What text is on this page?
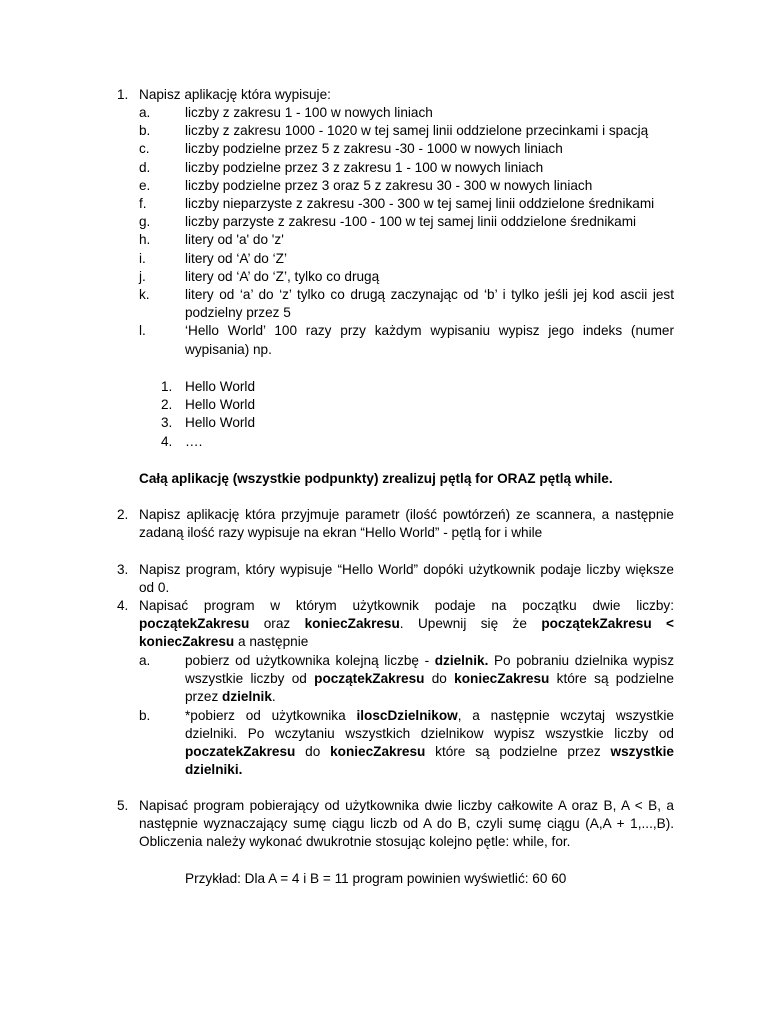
1. Napisz aplikację która wypisuje:
a.	liczby z zakresu 1 - 100 w nowych liniach
b.	liczby z zakresu 1000 - 1020 w tej samej linii oddzielone przecinkami i spacją
c.	liczby podzielne przez 5 z zakresu -30 - 1000 w nowych liniach
d.	liczby podzielne przez 3 z zakresu 1 - 100 w nowych liniach
e.	liczby podzielne przez 3 oraz 5 z zakresu 30 - 300 w nowych liniach
f.	liczby nieparzyste z zakresu -300 - 300 w tej samej linii oddzielone średnikami
g.	liczby parzyste z zakresu -100 - 100 w tej samej linii oddzielone średnikami
h.	litery od 'a' do 'z'
i.	litery od ‘A’ do ‘Z’
j.	litery od ‘A’ do ‘Z’, tylko co drugą
k.	litery od ‘a’ do ‘z’ tylko co drugą zaczynając od ‘b’ i tylko jeśli jej kod ascii jest podzielny przez 5
l.	‘Hello World’ 100 razy przy każdym wypisaniu wypisz jego indeks (numer wypisania) np.
1. Hello World
2. Hello World
3. Hello World
4. ….
Całą aplikację (wszystkie podpunkty) zrealizuj pętlą for ORAZ pętlą while.
2. Napisz aplikację która przyjmuje parametr (ilość powtórzeń) ze scannera, a następnie zadaną ilość razy wypisuje na ekran “Hello World” - pętlą for i while
3. Napisz program, który wypisuje “Hello World” dopóki użytkownik podaje liczby większe od 0.
4. Napisać program w którym użytkownik podaje na początku dwie liczby: początekZakresu oraz koniecZakresu. Upewnij się że początekZakresu < koniecZakresu a następnie
a.	pobierz od użytkownika kolejną liczbę - dzielnik. Po pobraniu dzielnika wypisz wszystkie liczby od początekZakresu do koniecZakresu które są podzielne przez dzielnik.
b.	*pobierz od użytkownika iloscDzielnikow, a następnie wczytaj wszystkie dzielniki. Po wczytaniu wszystkich dzielnikow wypisz wszystkie liczby od poczatekZakresu do koniecZakresu które są podzielne przez wszystkie dzielniki.
5. Napisać program pobierający od użytkownika dwie liczby całkowite A oraz B, A < B, a następnie wyznaczający sumę ciągu liczb od A do B, czyli sumę ciągu (A,A + 1,...,B). Obliczenia należy wykonać dwukrotnie stosując kolejno pętle: while, for.
Przykład: Dla A = 4 i B = 11 program powinien wyświetlić: 60 60
